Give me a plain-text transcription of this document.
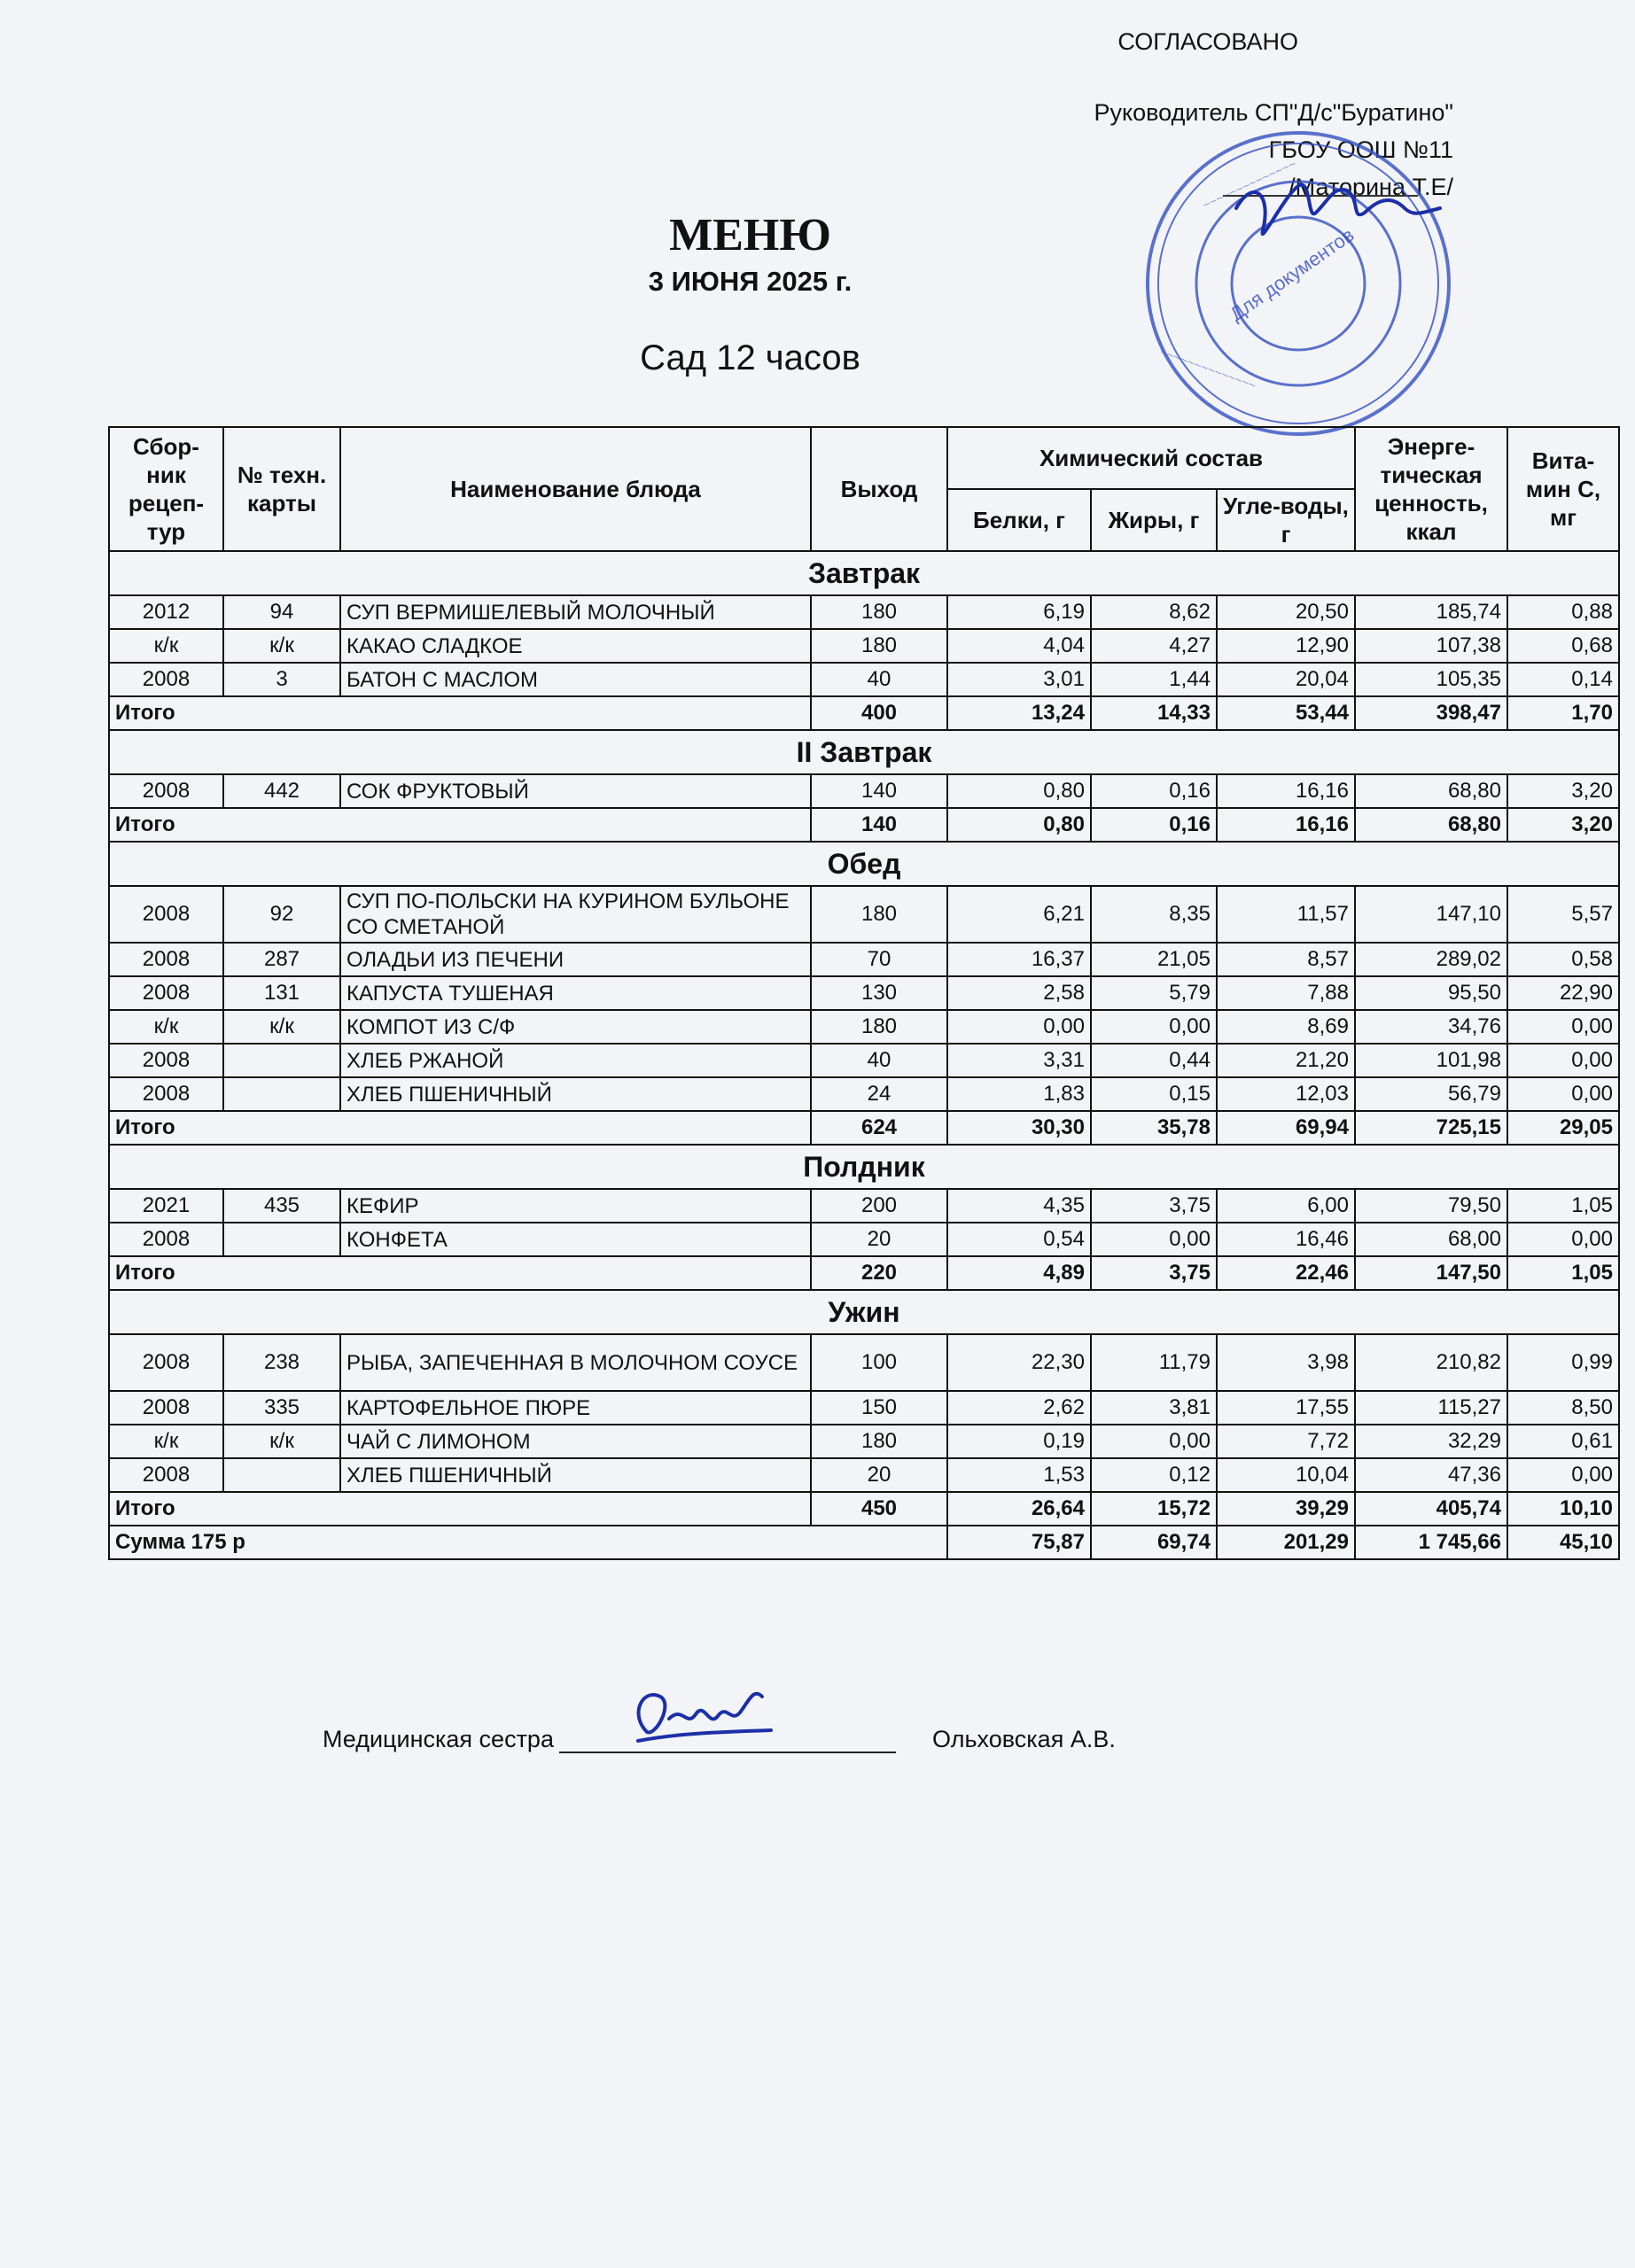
СОГЛАСОВАНО
Руководитель СП"Д/с"Буратино"
ГБОУ ООШ №11
/Маторина Т.Е/
~~~~~~~~~~~~~~
~~~~~~~~~~~~~~
Для документов
МЕНЮ
3 ИЮНЯ 2025 г.
Сад 12 часов
Сбор-ник рецеп-тур	№ техн. карты	Наименование блюда	Выход	Химический состав			Энерге-тическая ценность, ккал	Вита-мин С, мг
				Белки, г	Жиры, г	Угле-воды, г		
Завтрак								
2012	94	СУП ВЕРМИШЕЛЕВЫЙ МОЛОЧНЫЙ	180	6,19	8,62	20,50	185,74	0,88
к/к	к/к	КАКАО СЛАДКОЕ	180	4,04	4,27	12,90	107,38	0,68
2008	3	БАТОН С МАСЛОМ	40	3,01	1,44	20,04	105,35	0,14
Итого			400	13,24	14,33	53,44	398,47	1,70
II Завтрак								
2008	442	СОК ФРУКТОВЫЙ	140	0,80	0,16	16,16	68,80	3,20
Итого			140	0,80	0,16	16,16	68,80	3,20
Обед								
2008	92	СУП ПО-ПОЛЬСКИ НА КУРИНОМ БУЛЬОНЕ СО СМЕТАНОЙ	180	6,21	8,35	11,57	147,10	5,57
2008	287	ОЛАДЬИ ИЗ ПЕЧЕНИ	70	16,37	21,05	8,57	289,02	0,58
2008	131	КАПУСТА ТУШЕНАЯ	130	2,58	5,79	7,88	95,50	22,90
к/к	к/к	КОМПОТ ИЗ С/Ф	180	0,00	0,00	8,69	34,76	0,00
2008		ХЛЕБ РЖАНОЙ	40	3,31	0,44	21,20	101,98	0,00
2008		ХЛЕБ ПШЕНИЧНЫЙ	24	1,83	0,15	12,03	56,79	0,00
Итого			624	30,30	35,78	69,94	725,15	29,05
Полдник								
2021	435	КЕФИР	200	4,35	3,75	6,00	79,50	1,05
2008		КОНФЕТА	20	0,54	0,00	16,46	68,00	0,00
Итого			220	4,89	3,75	22,46	147,50	1,05
Ужин								
2008	238	РЫБА, ЗАПЕЧЕННАЯ В МОЛОЧНОМ СОУСЕ	100	22,30	11,79	3,98	210,82	0,99
2008	335	КАРТОФЕЛЬНОЕ ПЮРЕ	150	2,62	3,81	17,55	115,27	8,50
к/к	к/к	ЧАЙ С ЛИМОНОМ	180	0,19	0,00	7,72	32,29	0,61
2008		ХЛЕБ ПШЕНИЧНЫЙ	20	1,53	0,12	10,04	47,36	0,00
Итого			450	26,64	15,72	39,29	405,74	10,10
Сумма 175 р				75,87	69,74	201,29	1 745,66	45,10
Медицинская сестра	Ольховская А.В.
